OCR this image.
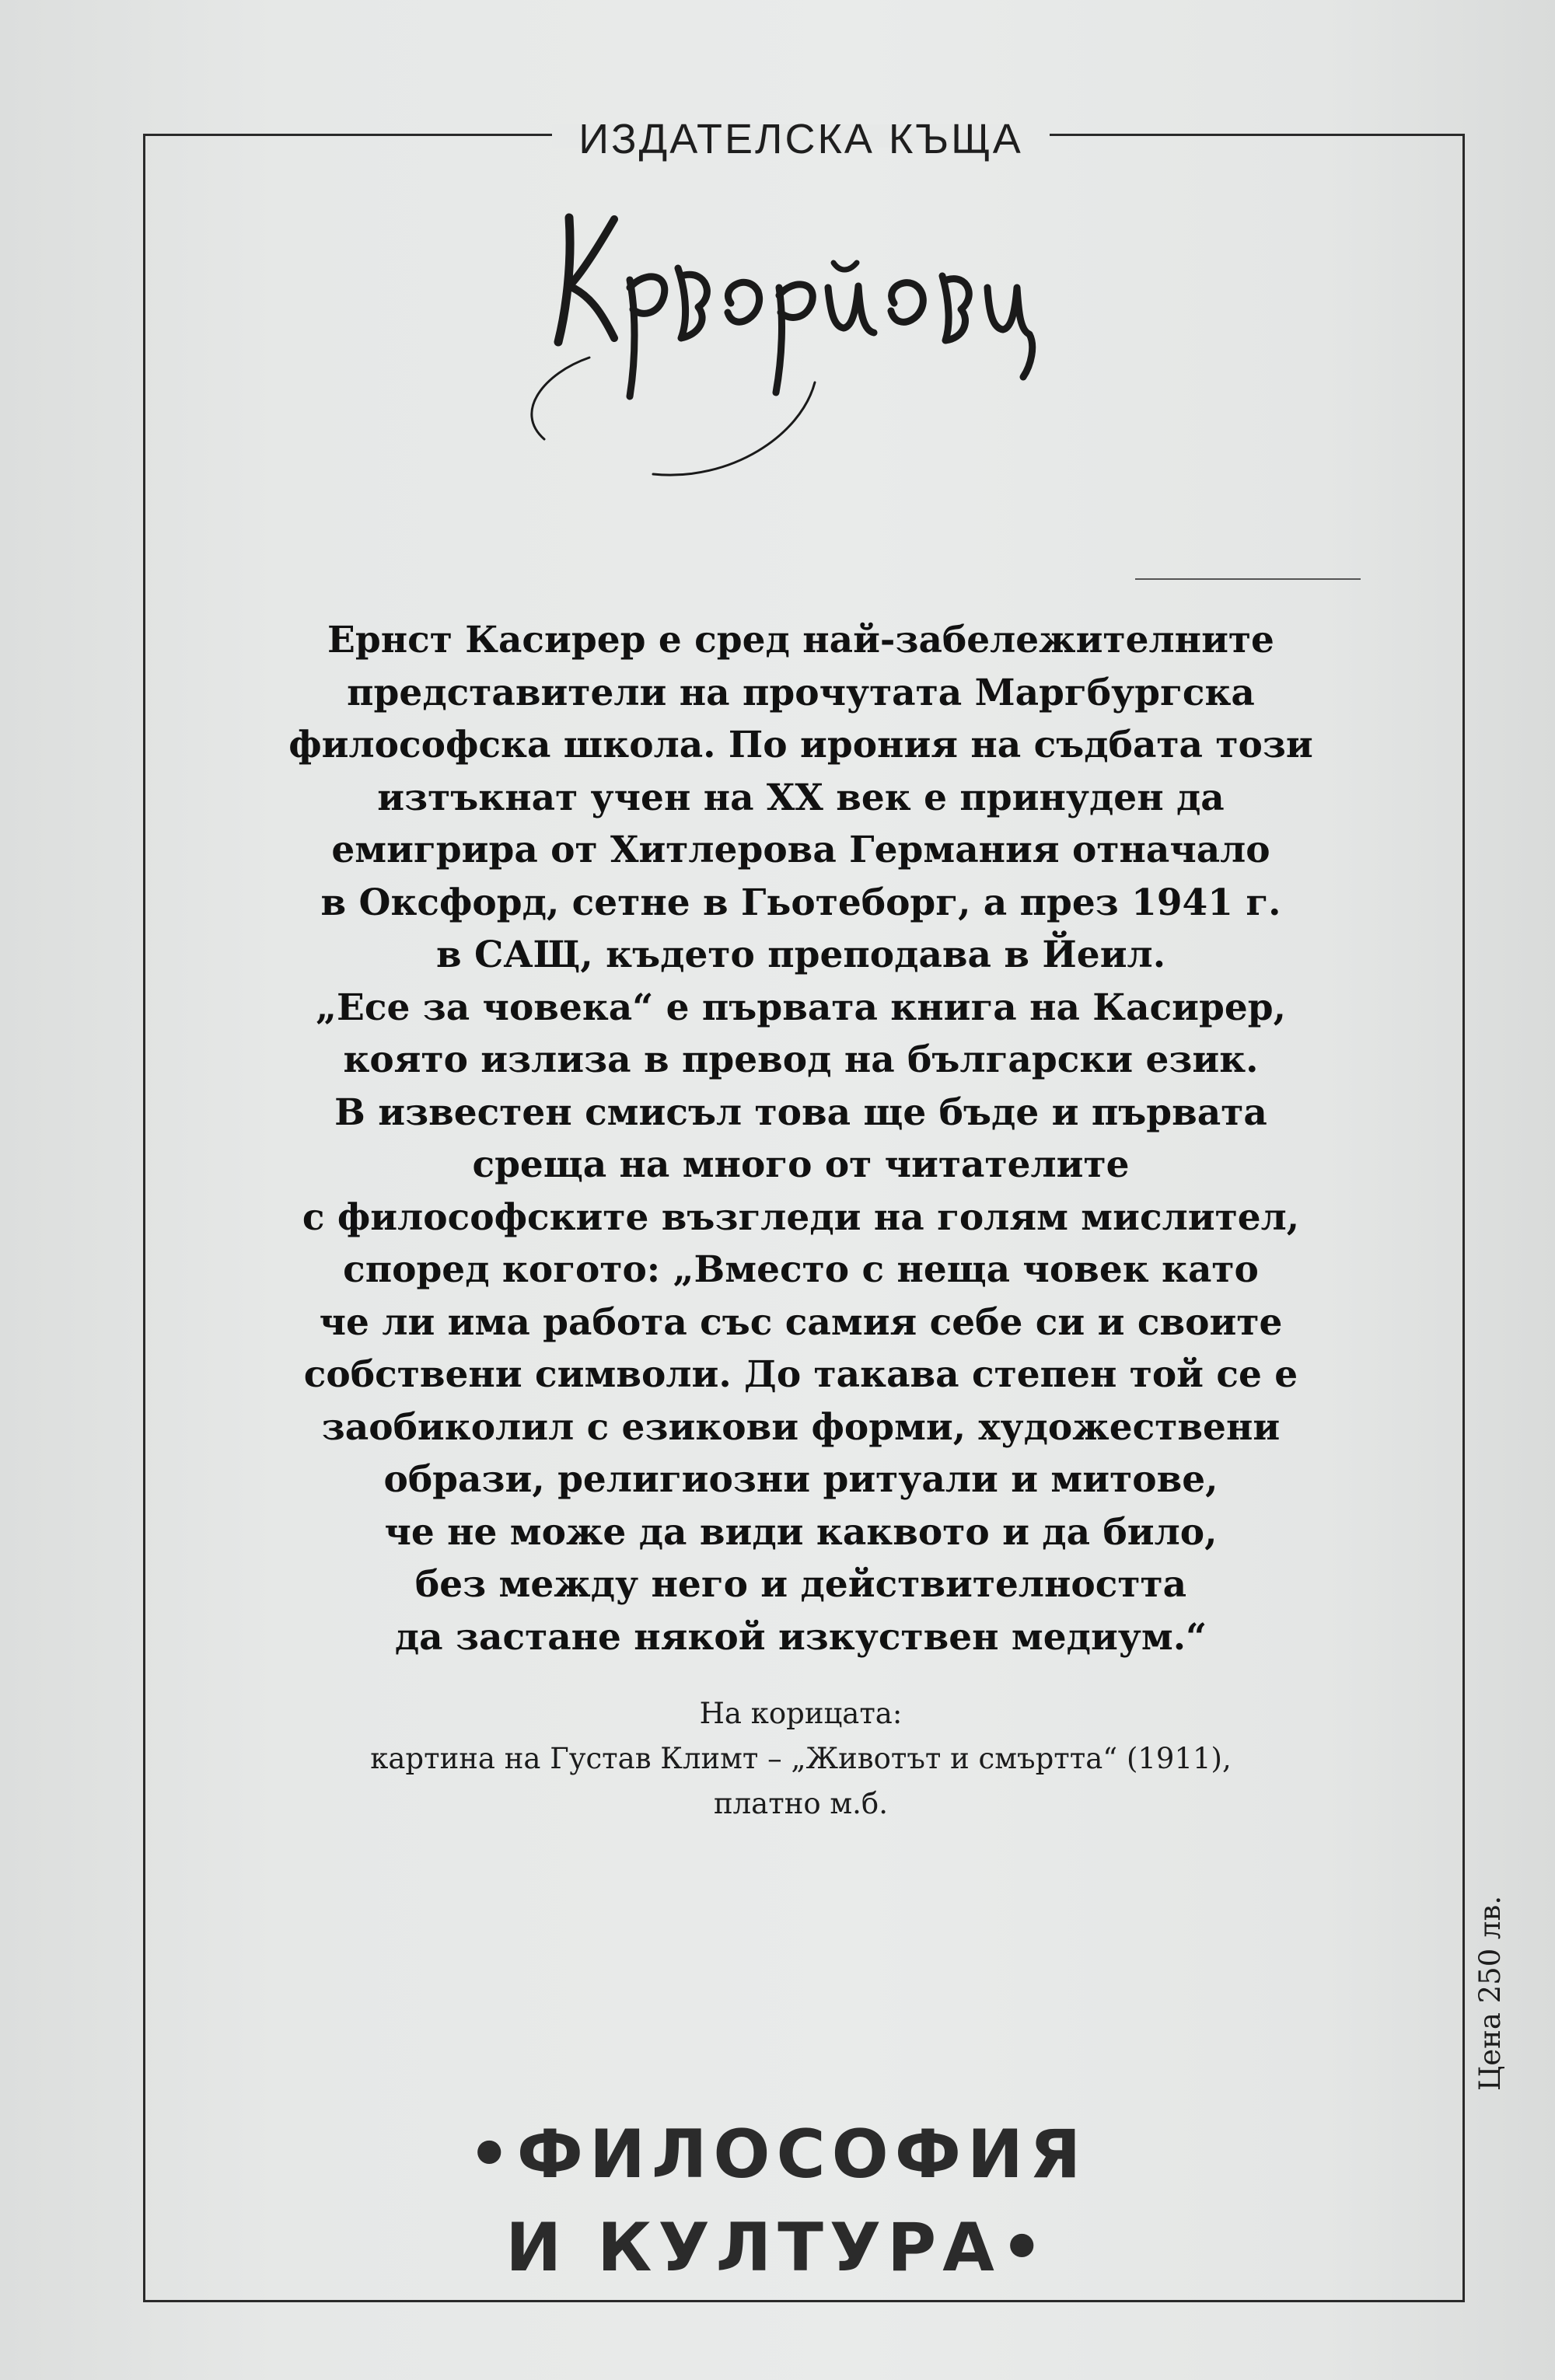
ИЗДАТЕЛСКА КЪЩА
Ернст Касирер е сред най-забележителните
представители на прочутата Маргбургска
философска школа. По ирония на съдбата този
изтъкнат учен на XX век е принуден да
емигрира от Хитлерова Германия отначало
в Оксфорд, сетне в Гьотеборг, а през 1941 г.
в САЩ, където преподава в Йеил.
„Есе за човека“ е първата книга на Касирер,
която излиза в превод на български език.
В известен смисъл това ще бъде и първата
среща на много от читателите
с философските възгледи на голям мислител,
според когото: „Вместо с неща човек като
че ли има работа със самия себе си и своите
собствени символи. До такава степен той се е
заобиколил с езикови форми, художествени
образи, религиозни ритуали и митове,
че не може да види каквото и да било,
без между него и действителността
да застане някой изкуствен медиум.“
На корицата:
картина на Густав Климт – „Животът и смъртта“ (1911),
платно м.б.
Цена 250 лв.
•ФИЛОСОФИЯ
И КУЛТУРА•
